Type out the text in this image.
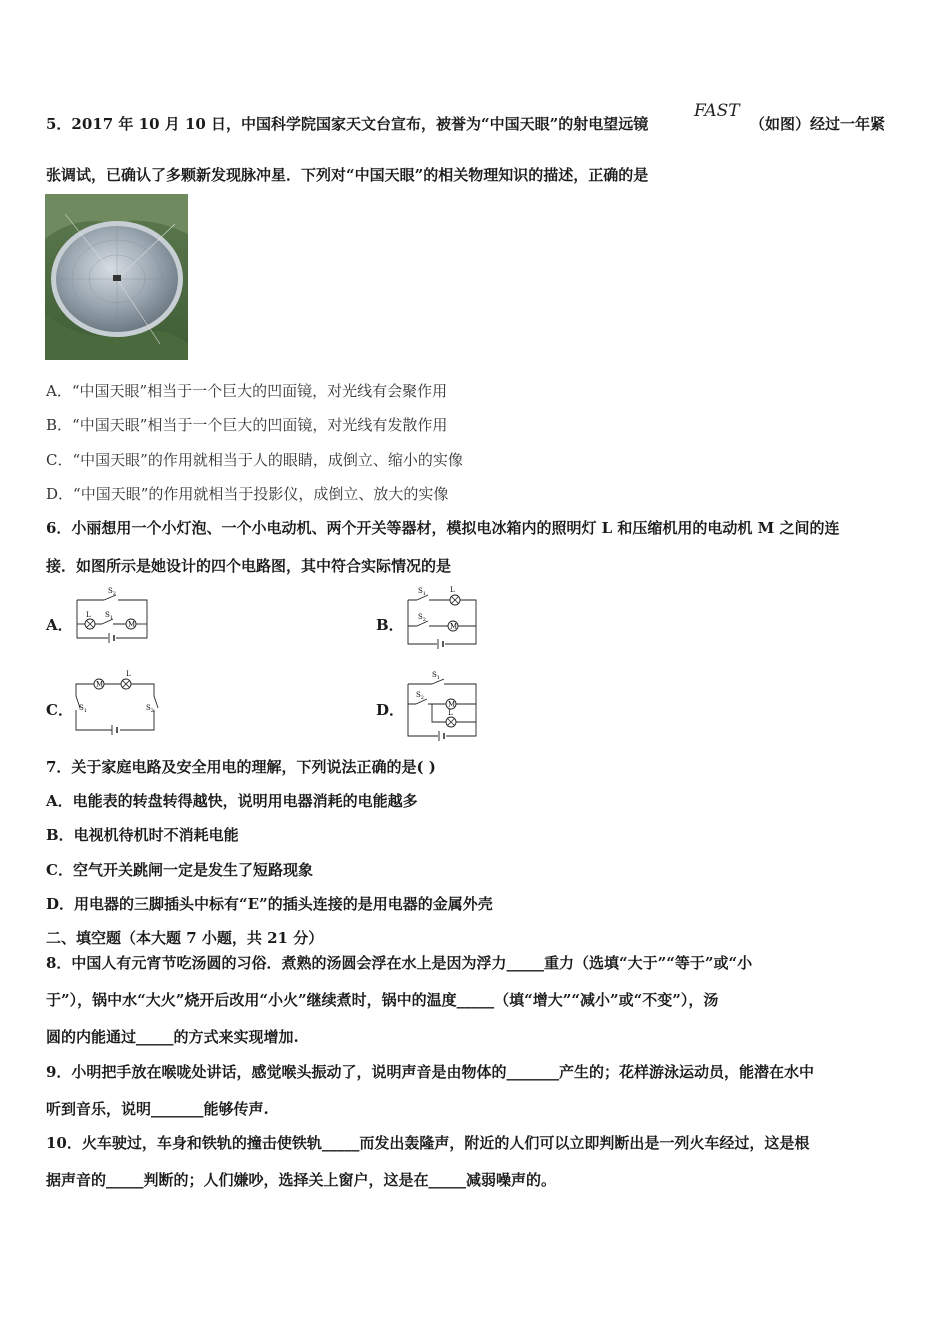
5．2017 年 10 月 10 日，中国科学院国家天文台宣布，被誉为“中国天眼”的射电望远镜
FAST
（如图）经过一年紧
张调试，已确认了多颗新发现脉冲星．下列对“中国天眼”的相关物理知识的描述，正确的是
A．“中国天眼”相当于一个巨大的凹面镜，对光线有会聚作用
B．“中国天眼”相当于一个巨大的凹面镜，对光线有发散作用
C．“中国天眼”的作用就相当于人的眼睛，成倒立、缩小的实像
D．“中国天眼”的作用就相当于投影仪，成倒立、放大的实像
6．小丽想用一个小灯泡、一个小电动机、两个开关等器材，模拟电冰箱内的照明灯 L 和压缩机用的电动机 M 之间的连
接．如图所示是她设计的四个电路图，其中符合实际情况的是
A．	M
$S_2$
L $S_1$	B．	M
$S_1$	L
$S_2$
C．
M
L
$S_1$	$S_2$	D．
$S_1$
$S_2$
M
L
7．关于家庭电路及安全用电的理解，下列说法正确的是( )
A．电能表的转盘转得越快，说明用电器消耗的电能越多
B．电视机待机时不消耗电能
C．空气开关跳闸一定是发生了短路现象
D．用电器的三脚插头中标有“E”的插头连接的是用电器的金属外壳
二、填空题（本大题 7 小题，共 21 分）
8．中国人有元宵节吃汤圆的习俗．煮熟的汤圆会浮在水上是因为浮力_____重力（选填“大于”“等于”或“小
于”），锅中水“大火”烧开后改用“小火”继续煮时，锅中的温度_____（填“增大”“减小”或“不变”），汤
圆的内能通过_____的方式来实现增加.
9．小明把手放在喉咙处讲话，感觉喉头振动了，说明声音是由物体的_______产生的；花样游泳运动员，能潜在水中
听到音乐，说明_______能够传声.
10．火车驶过，车身和铁轨的撞击使铁轨_____而发出轰隆声，附近的人们可以立即判断出是一列火车经过，这是根
据声音的_____判断的；人们嫌吵，选择关上窗户，这是在_____减弱噪声的。
